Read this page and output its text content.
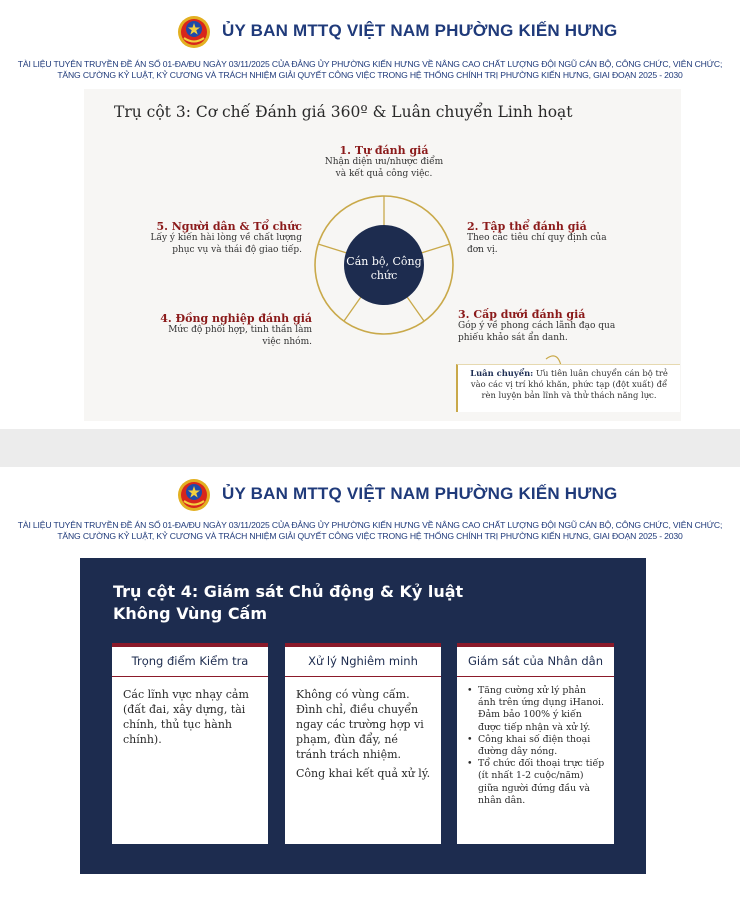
ỦY BAN MTTQ VIỆT NAM PHƯỜNG KIẾN HƯNG
TÀI LIỆU TUYÊN TRUYỀN ĐỀ ÁN SỐ 01-ĐA/ĐU NGÀY 03/11/2025 CỦA ĐẢNG ỦY PHƯỜNG KIẾN HƯNG VỀ NÂNG CAO CHẤT LƯỢNG ĐỘI NGŨ CÁN BỘ, CÔNG CHỨC, VIÊN CHỨC;
TĂNG CƯỜNG KỶ LUẬT, KỶ CƯƠNG VÀ TRÁCH NHIỆM GIẢI QUYẾT CÔNG VIỆC TRONG HỆ THỐNG CHÍNH TRỊ PHƯỜNG KIẾN HƯNG, GIAI ĐOẠN 2025 - 2030
Trụ cột 3: Cơ chế Đánh giá 360º & Luân chuyển Linh hoạt
Cán bộ, Công chức
1. Tự đánh giá
Nhận diện ưu/nhược điểm và kết quả công việc.
2. Tập thể đánh giá
Theo các tiêu chí quy định của đơn vị.
3. Cấp dưới đánh giá
Góp ý về phong cách lãnh đạo qua phiếu khảo sát ẩn danh.
4. Đồng nghiệp đánh giá
Mức độ phối hợp, tinh thần làm việc nhóm.
5. Người dân & Tổ chức
Lấy ý kiến hài lòng về chất lượng phục vụ và thái độ giao tiếp.
Luân chuyển: Ưu tiên luân chuyển cán bộ trẻ vào các vị trí khó khăn, phức tạp (đột xuất) để rèn luyện bản lĩnh và thử thách năng lực.
ỦY BAN MTTQ VIỆT NAM PHƯỜNG KIẾN HƯNG
TÀI LIỆU TUYÊN TRUYỀN ĐỀ ÁN SỐ 01-ĐA/ĐU NGÀY 03/11/2025 CỦA ĐẢNG ỦY PHƯỜNG KIẾN HƯNG VỀ NÂNG CAO CHẤT LƯỢNG ĐỘI NGŨ CÁN BỘ, CÔNG CHỨC, VIÊN CHỨC;
TĂNG CƯỜNG KỶ LUẬT, KỶ CƯƠNG VÀ TRÁCH NHIỆM GIẢI QUYẾT CÔNG VIỆC TRONG HỆ THỐNG CHÍNH TRỊ PHƯỜNG KIẾN HƯNG, GIAI ĐOẠN 2025 - 2030
Trụ cột 4: Giám sát Chủ động & Kỷ luật Không Vùng Cấm
Trọng điểm Kiểm tra
Các lĩnh vực nhạy cảm (đất đai, xây dựng, tài chính, thủ tục hành chính).
Xử lý Nghiêm minh

Không có vùng cấm. Đình chỉ, điều chuyển ngay các trường hợp vi phạm, đùn đẩy, né tránh trách nhiệm.

Công khai kết quả xử lý.

Giám sát của Nhân dân
• Tăng cường xử lý phản ánh trên ứng dụng iHanoi. Đảm bảo 100% ý kiến được tiếp nhận và xử lý.
• Công khai số điện thoại đường dây nóng.
• Tổ chức đối thoại trực tiếp (ít nhất 1-2 cuộc/năm) giữa người đứng đầu và nhân dân.
